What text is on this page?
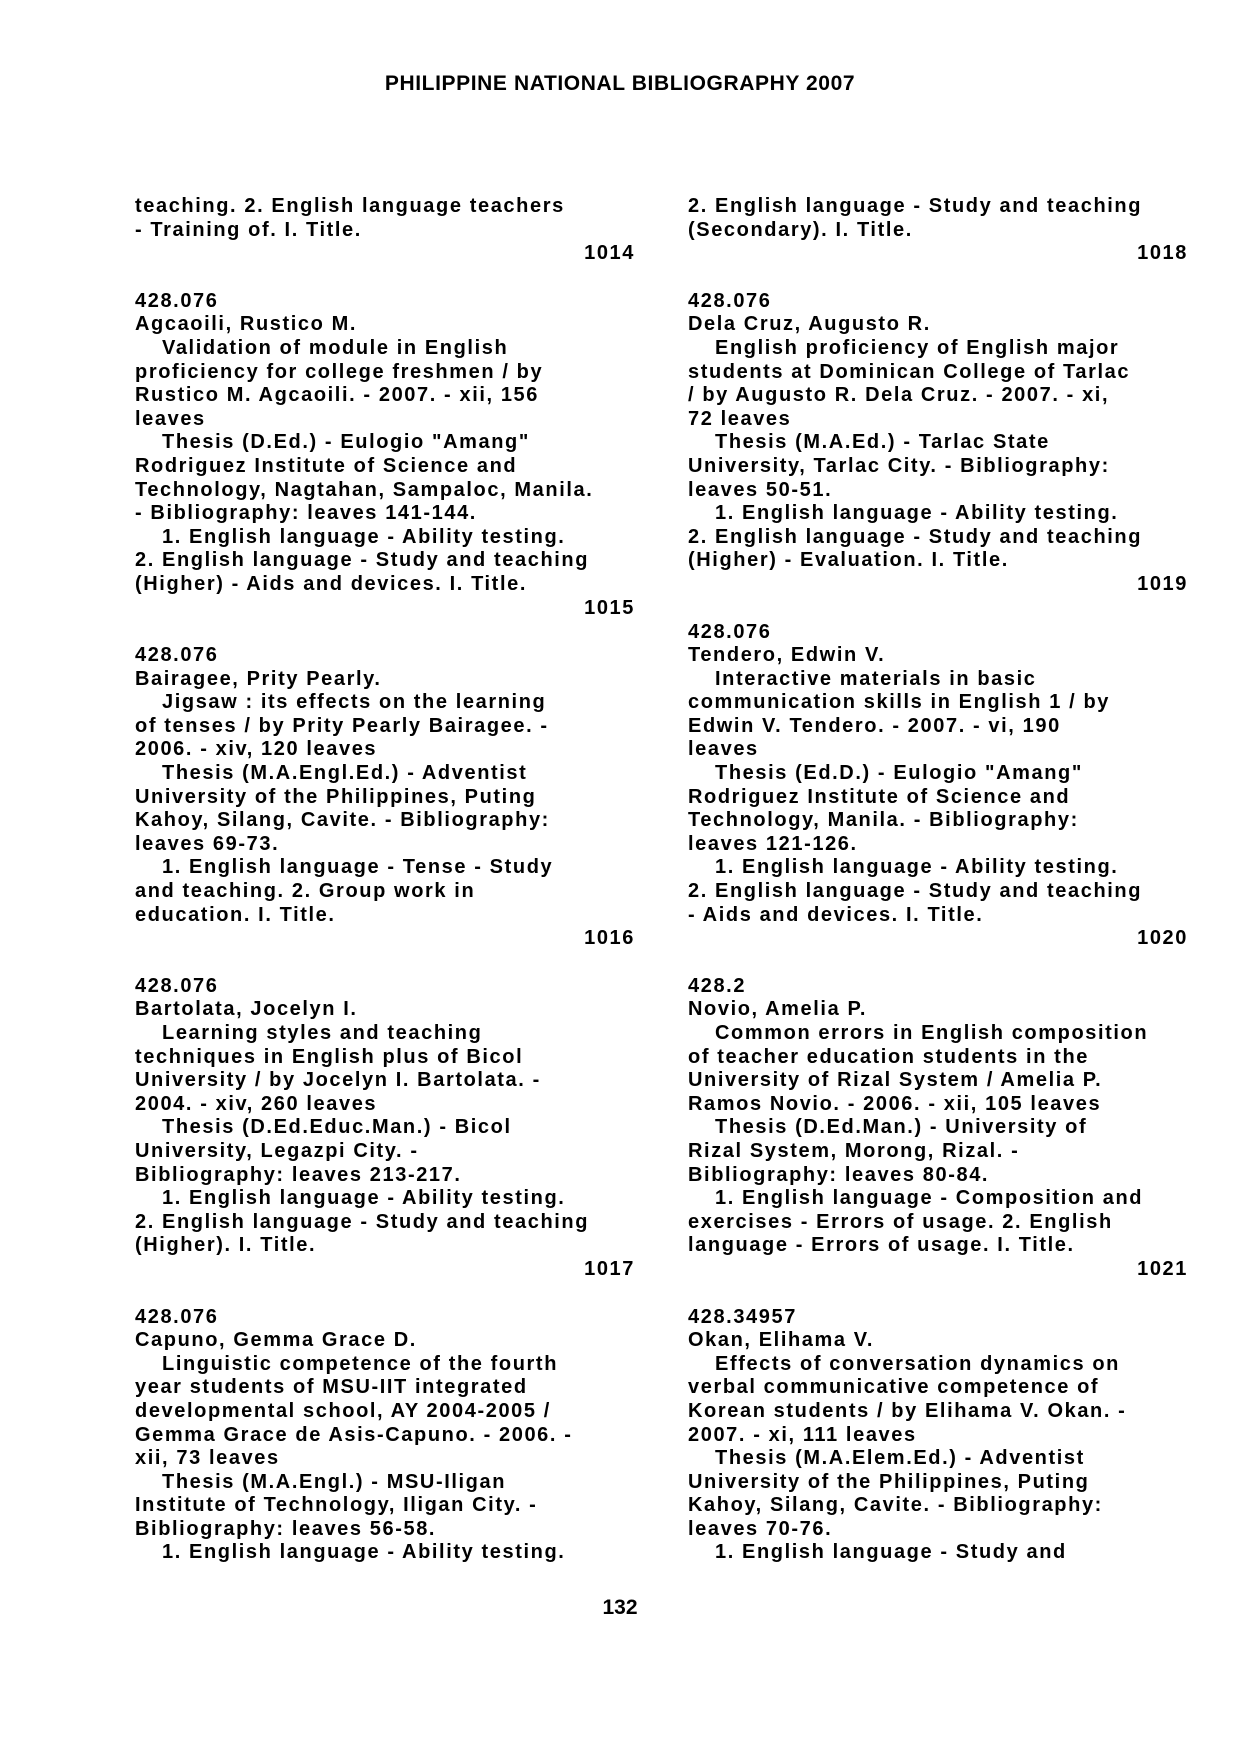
PHILIPPINE NATIONAL BIBLIOGRAPHY 2007
teaching. 2. English language teachers
- Training of. I. Title.
1014
428.076
Agcaoili, Rustico M.
Validation of module in English
proficiency for college freshmen / by
Rustico M. Agcaoili. - 2007. - xii, 156
leaves
Thesis (D.Ed.) - Eulogio "Amang"
Rodriguez Institute of Science and
Technology, Nagtahan, Sampaloc, Manila.
- Bibliography: leaves 141-144.
1. English language - Ability testing.
2. English language - Study and teaching
(Higher) - Aids and devices. I. Title.
1015
428.076
Bairagee, Prity Pearly.
Jigsaw : its effects on the learning
of tenses / by Prity Pearly Bairagee. -
2006. - xiv, 120 leaves
Thesis (M.A.Engl.Ed.) - Adventist
University of the Philippines, Puting
Kahoy, Silang, Cavite. - Bibliography:
leaves 69-73.
1. English language - Tense - Study
and teaching. 2. Group work in
education. I. Title.
1016
428.076
Bartolata, Jocelyn I.
Learning styles and teaching
techniques in English plus of Bicol
University / by Jocelyn I. Bartolata. -
2004. - xiv, 260 leaves
Thesis (D.Ed.Educ.Man.) - Bicol
University, Legazpi City. -
Bibliography: leaves 213-217.
1. English language - Ability testing.
2. English language - Study and teaching
(Higher). I. Title.
1017
428.076
Capuno, Gemma Grace D.
Linguistic competence of the fourth
year students of MSU-IIT integrated
developmental school, AY 2004-2005 /
Gemma Grace de Asis-Capuno. - 2006. -
xii, 73 leaves
Thesis (M.A.Engl.) - MSU-Iligan
Institute of Technology, Iligan City. -
Bibliography: leaves 56-58.
1. English language - Ability testing.
2. English language - Study and teaching
(Secondary). I. Title.
1018
428.076
Dela Cruz, Augusto R.
English proficiency of English major
students at Dominican College of Tarlac
/ by Augusto R. Dela Cruz. - 2007. - xi,
72 leaves
Thesis (M.A.Ed.) - Tarlac State
University, Tarlac City. - Bibliography:
leaves 50-51.
1. English language - Ability testing.
2. English language - Study and teaching
(Higher) - Evaluation. I. Title.
1019
428.076
Tendero, Edwin V.
Interactive materials in basic
communication skills in English 1 / by
Edwin V. Tendero. - 2007. - vi, 190
leaves
Thesis (Ed.D.) - Eulogio "Amang"
Rodriguez Institute of Science and
Technology, Manila. - Bibliography:
leaves 121-126.
1. English language - Ability testing.
2. English language - Study and teaching
- Aids and devices. I. Title.
1020
428.2
Novio, Amelia P.
Common errors in English composition
of teacher education students in the
University of Rizal System / Amelia P.
Ramos Novio. - 2006. - xii, 105 leaves
Thesis (D.Ed.Man.) - University of
Rizal System, Morong, Rizal. -
Bibliography: leaves 80-84.
1. English language - Composition and
exercises - Errors of usage. 2. English
language - Errors of usage. I. Title.
1021
428.34957
Okan, Elihama V.
Effects of conversation dynamics on
verbal communicative competence of
Korean students / by Elihama V. Okan. -
2007. - xi, 111 leaves
Thesis (M.A.Elem.Ed.) - Adventist
University of the Philippines, Puting
Kahoy, Silang, Cavite. - Bibliography:
leaves 70-76.
1. English language - Study and
132
